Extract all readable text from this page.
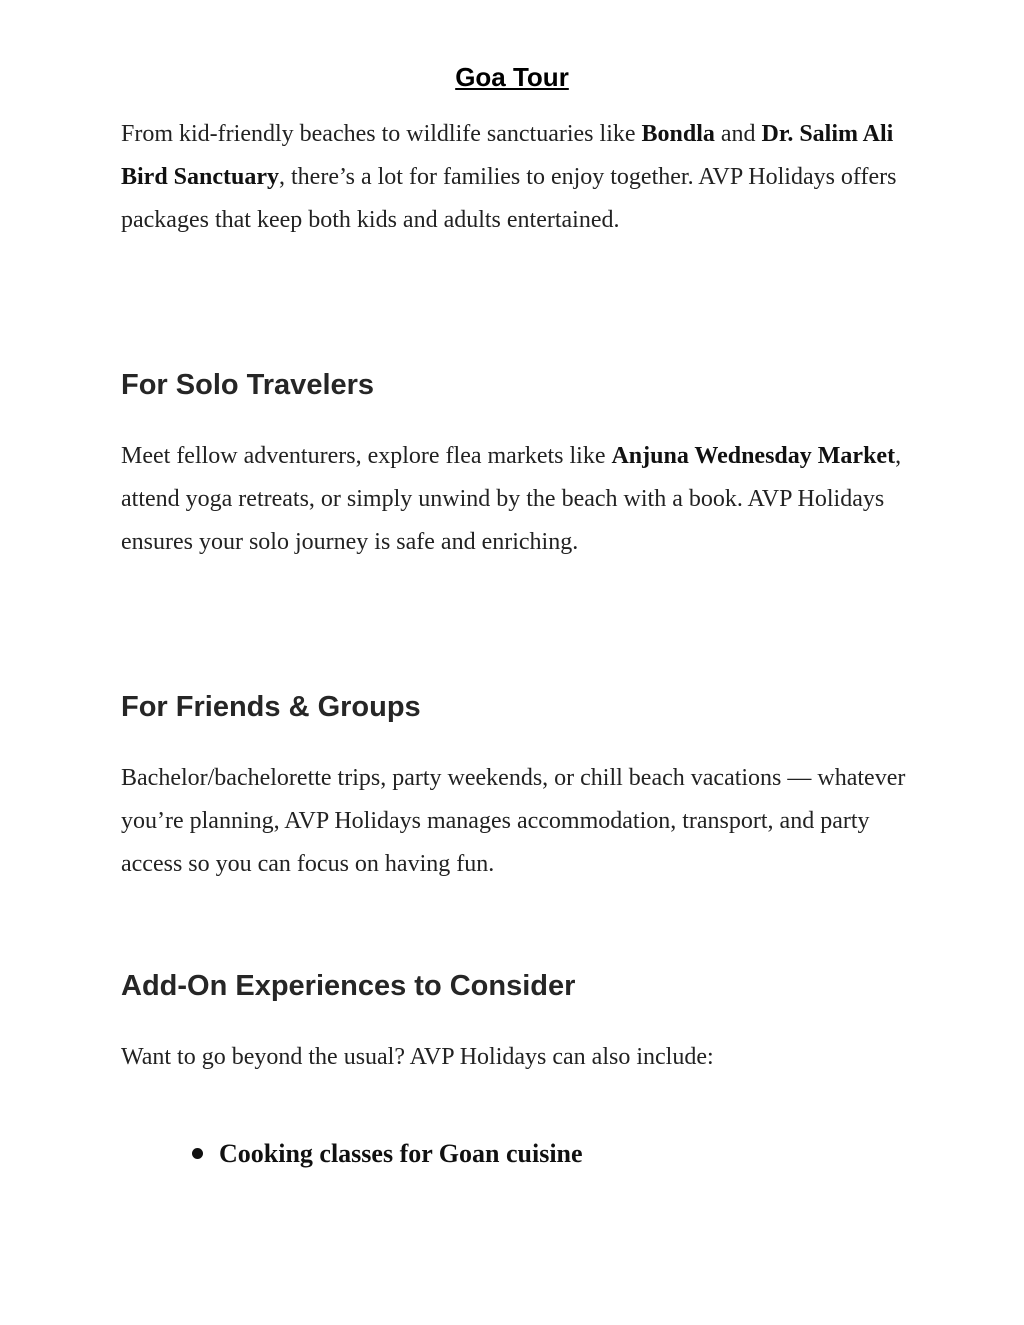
Goa Tour

From kid-friendly beaches to wildlife sanctuaries like Bondla and Dr. Salim Ali Bird Sanctuary, there’s a lot for families to enjoy together. AVP Holidays offers packages that keep both kids and adults entertained.

For Solo Travelers

Meet fellow adventurers, explore flea markets like Anjuna Wednesday Market, attend yoga retreats, or simply unwind by the beach with a book. AVP Holidays ensures your solo journey is safe and enriching.

For Friends & Groups

Bachelor/bachelorette trips, party weekends, or chill beach vacations — whatever you’re planning, AVP Holidays manages accommodation, transport, and party access so you can focus on having fun.

Add-On Experiences to Consider

Want to go beyond the usual? AVP Holidays can also include:

Cooking classes for Goan cuisine
